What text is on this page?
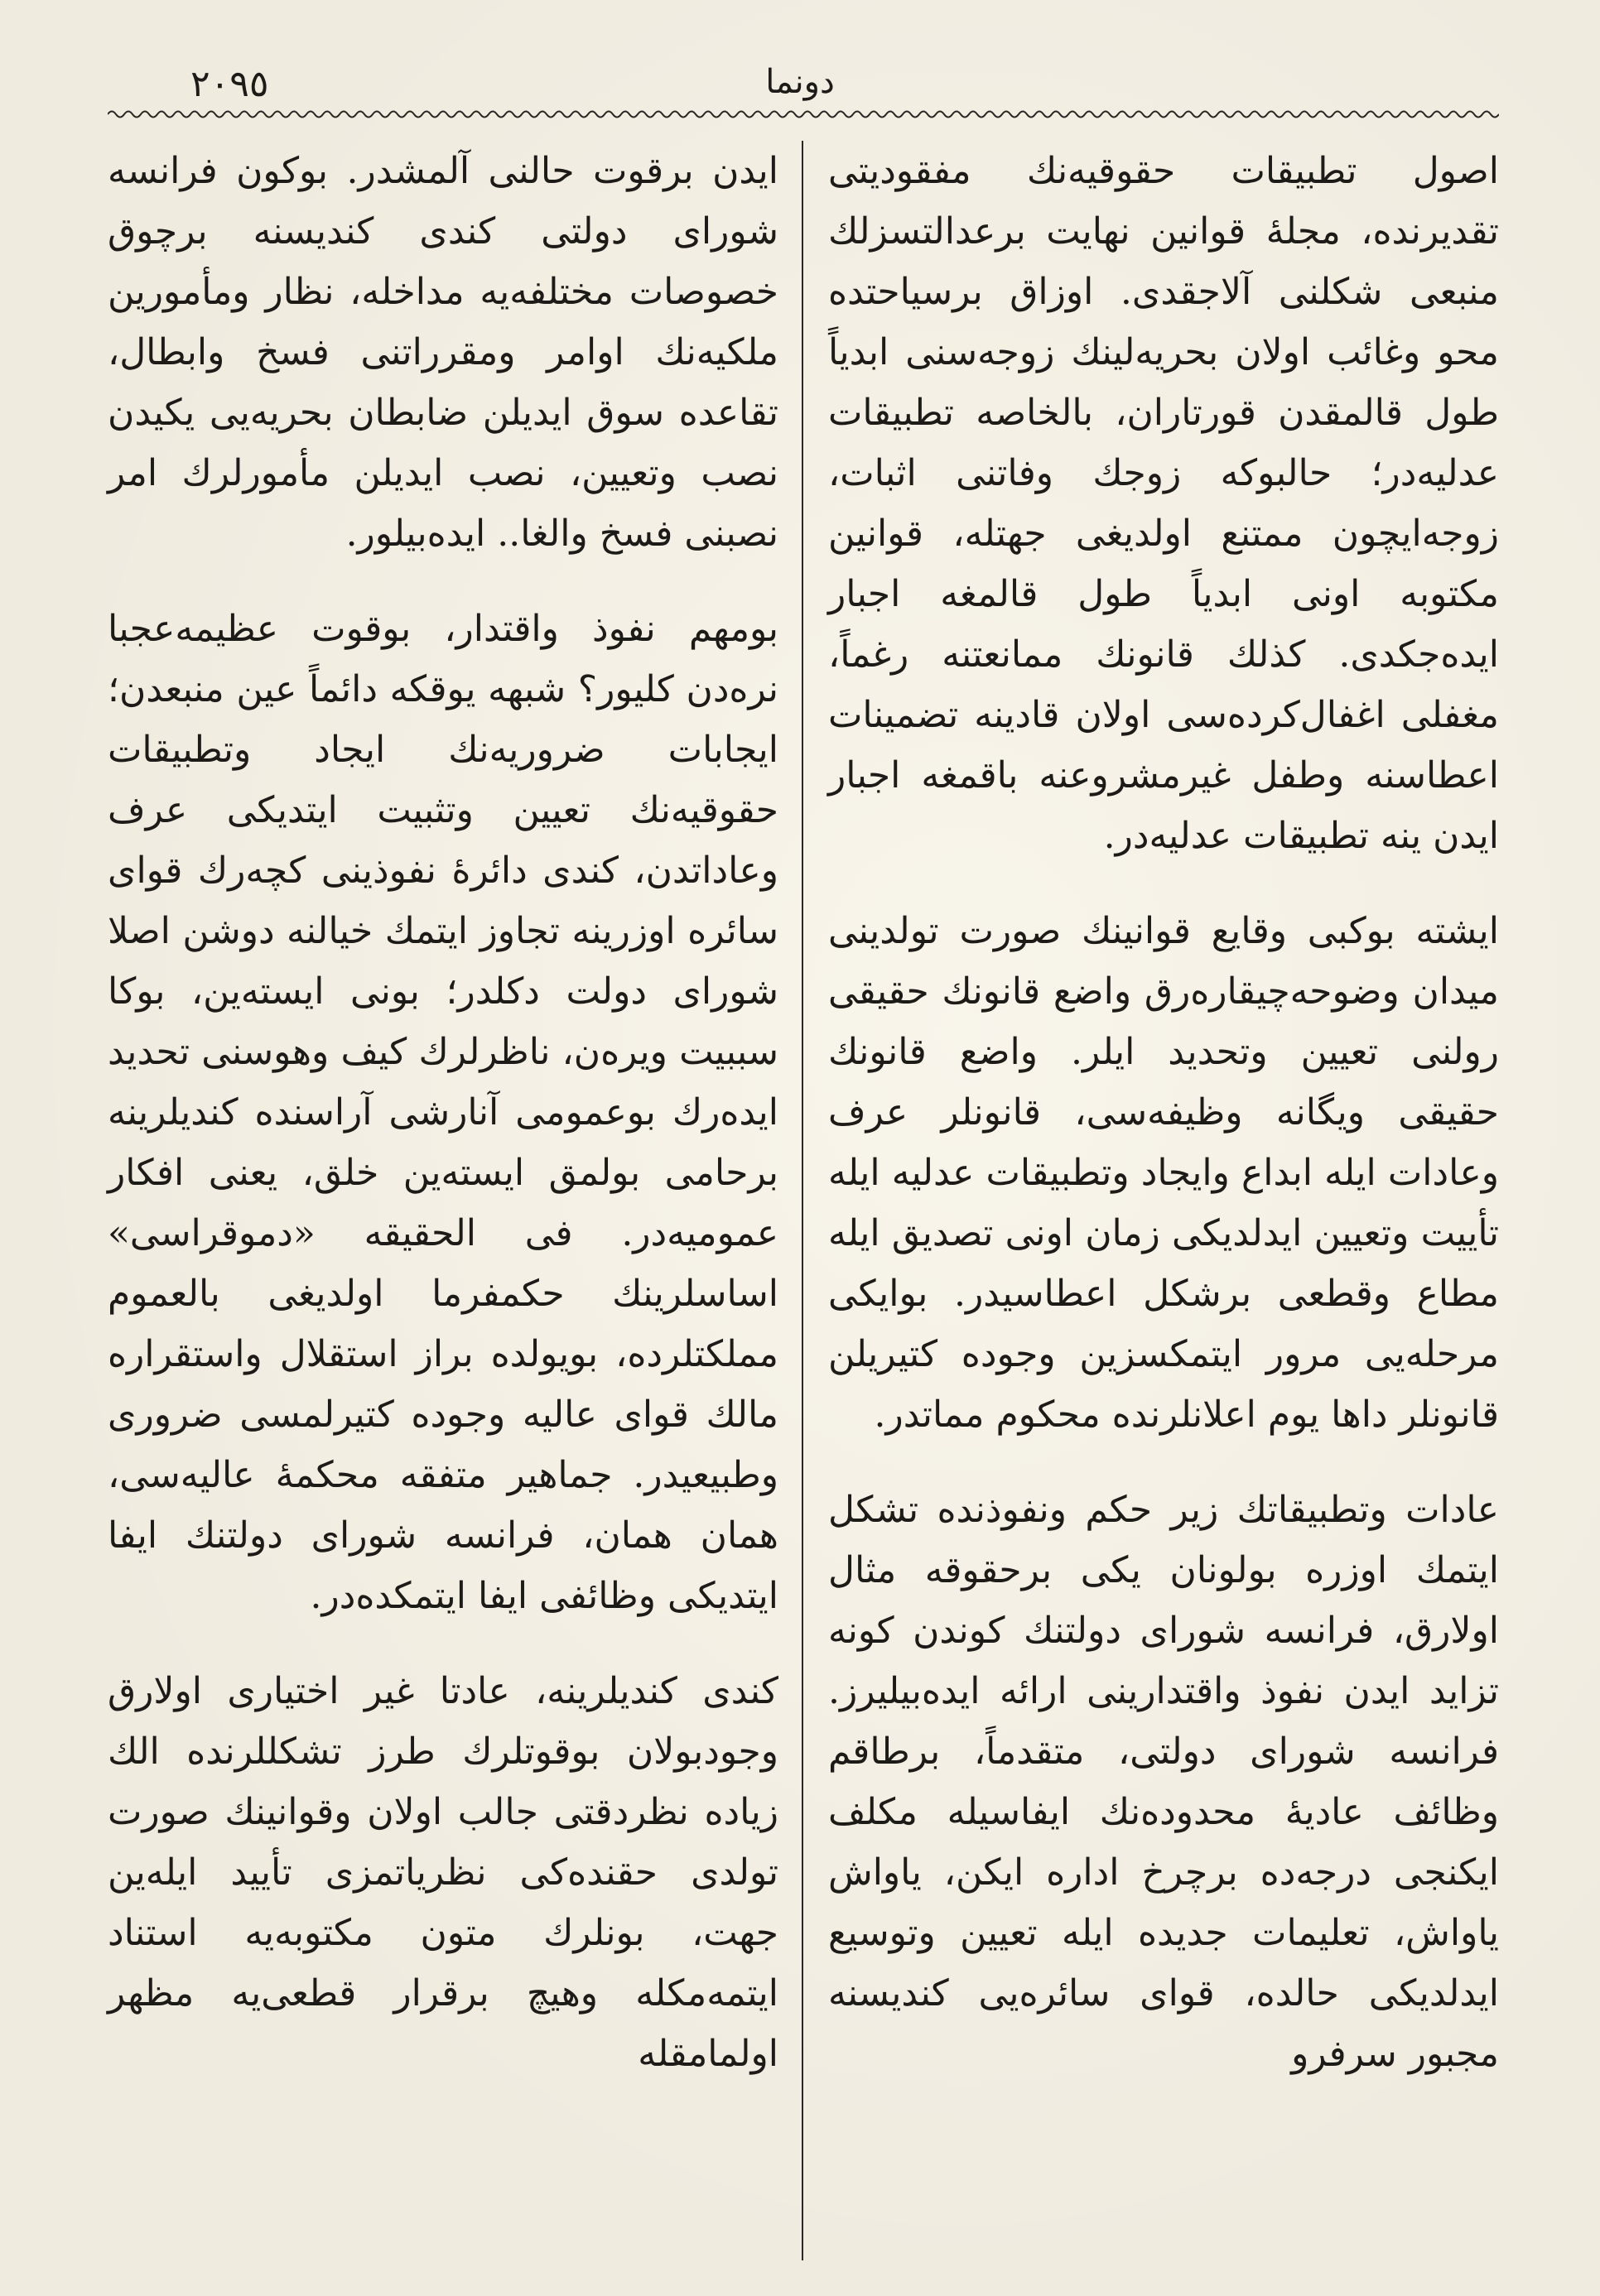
٢٠٩٥	دونما

اصول تطبيقات حقوقيه‌نك مفقوديتی تقديرنده، مجلهٔ قوانين نهايت برعدالتسزلك منبعی شكلنی آلاجقدی. اوزاق برسياحتده محو وغائب اولان بحريه‌لينك زوجه‌سنی ابدياً طول قالمقدن قورتاران، بالخاصه تطبيقات عدليه‌در؛ حالبوكه زوجك وفاتنی اثبات، زوجه‌ايچون ممتنع اولديغی جهتله، قوانين مكتوبه اونی ابدياً طول قالمغه اجبار ايده‌جكدی. كذلك قانونك ممانعتنه رغماً، مغفلی اغفال‌كرده‌سی اولان قادينه تضمينات اعطاسنه وطفل غيرمشروعنه باقمغه اجبار ايدن ينه تطبيقات عدليه‌در.

ايشته بوكبی وقايع قوانينك صورت تولدينی ميدان وضوحه‌چيقاره‌رق واضع قانونك حقيقی رولنی تعيين وتحديد ايلر. واضع قانونك حقيقی ويگانه وظيفه‌سی، قانونلر عرف وعادات ايله ابداع وايجاد وتطبيقات عدليه ايله تأييت وتعيين ايدلديكی زمان اونی تصديق ايله مطاع وقطعی برشكل اعطاسيدر. بوايكی مرحله‌يی مرور ايتمكسزين وجوده كتيريلن قانونلر داها يوم اعلانلرنده محكوم مماتدر.

عادات وتطبيقاتك زير حكم ونفوذنده تشكل ايتمك اوزره بولونان يكی برحقوقه مثال اولارق، فرانسه شورای دولتنك كوندن كونه تزايد ايدن نفوذ واقتدارينی ارائه ايده‌بيليرز. فرانسه شورای دولتی، متقدماً، برطاقم وظائف عاديهٔ محدوده‌نك ايفاسيله مكلف ايكنجی درجه‌ده برچرخ اداره ايكن، ياواش ياواش، تعليمات جديده ايله تعيين وتوسيع ايدلديكی حالده، قوای سائره‌يی كنديسنه مجبور سرفرو

ايدن برقوت حالنی آلمشدر. بوكون فرانسه شورای دولتی كندی كنديسنه برچوق خصوصات مختلفه‌يه مداخله، نظار ومأمورين ملكيه‌نك اوامر ومقرراتنی فسخ وابطال، تقاعده سوق ايديلن ضابطان بحريه‌يی يكيدن نصب وتعيين، نصب ايديلن مأمورلرك امر نصبنی فسخ والغا.. ايده‌بيلور.

بومهم نفوذ واقتدار، بوقوت عظيمه‌عجبا نره‌دن كليور؟ شبهه يوقكه دائماً عين منبعدن؛ ايجابات ضروريه‌نك ايجاد وتطبيقات حقوقيه‌نك تعيين وتثبيت ايتديكی عرف وعاداتدن، كندی دائرهٔ نفوذينی كچه‌رك قوای سائره اوزرينه تجاوز ايتمك خيالنه دوشن اصلا شورای دولت دكلدر؛ بونی ايسته‌ين، بوكا سببيت ويره‌ن، ناظرلرك كيف وهوسنی تحديد ايده‌رك بوعمومی آنارشی آراسنده كنديلرينه برحامی بولمق ايسته‌ين خلق، يعنی افكار عموميه‌در. فی الحقيقه «دموقراسی» اساسلرينك حكمفرما اولديغی بالعموم مملكتلرده، بويولده براز استقلال واستقراره مالك قوای عاليه وجوده كتيرلمسی ضروری وطبيعيدر. جماهير متفقه محكمهٔ عاليه‌سی، همان همان، فرانسه شورای دولتنك ايفا ايتديكی وظائفی ايفا ايتمكده‌در.

كندی كنديلرينه، عادتا غير اختياری اولارق وجودبولان بوقوتلرك طرز تشكللرنده الك زياده نظردقتی جالب اولان وقوانينك صورت تولدی حقنده‌كی نظرياتمزی تأييد ايله‌ين جهت، بونلرك متون مكتوبه‌يه استناد ايتمه‌مكله وهيچ برقرار قطعی‌يه مظهر اولمامقله
